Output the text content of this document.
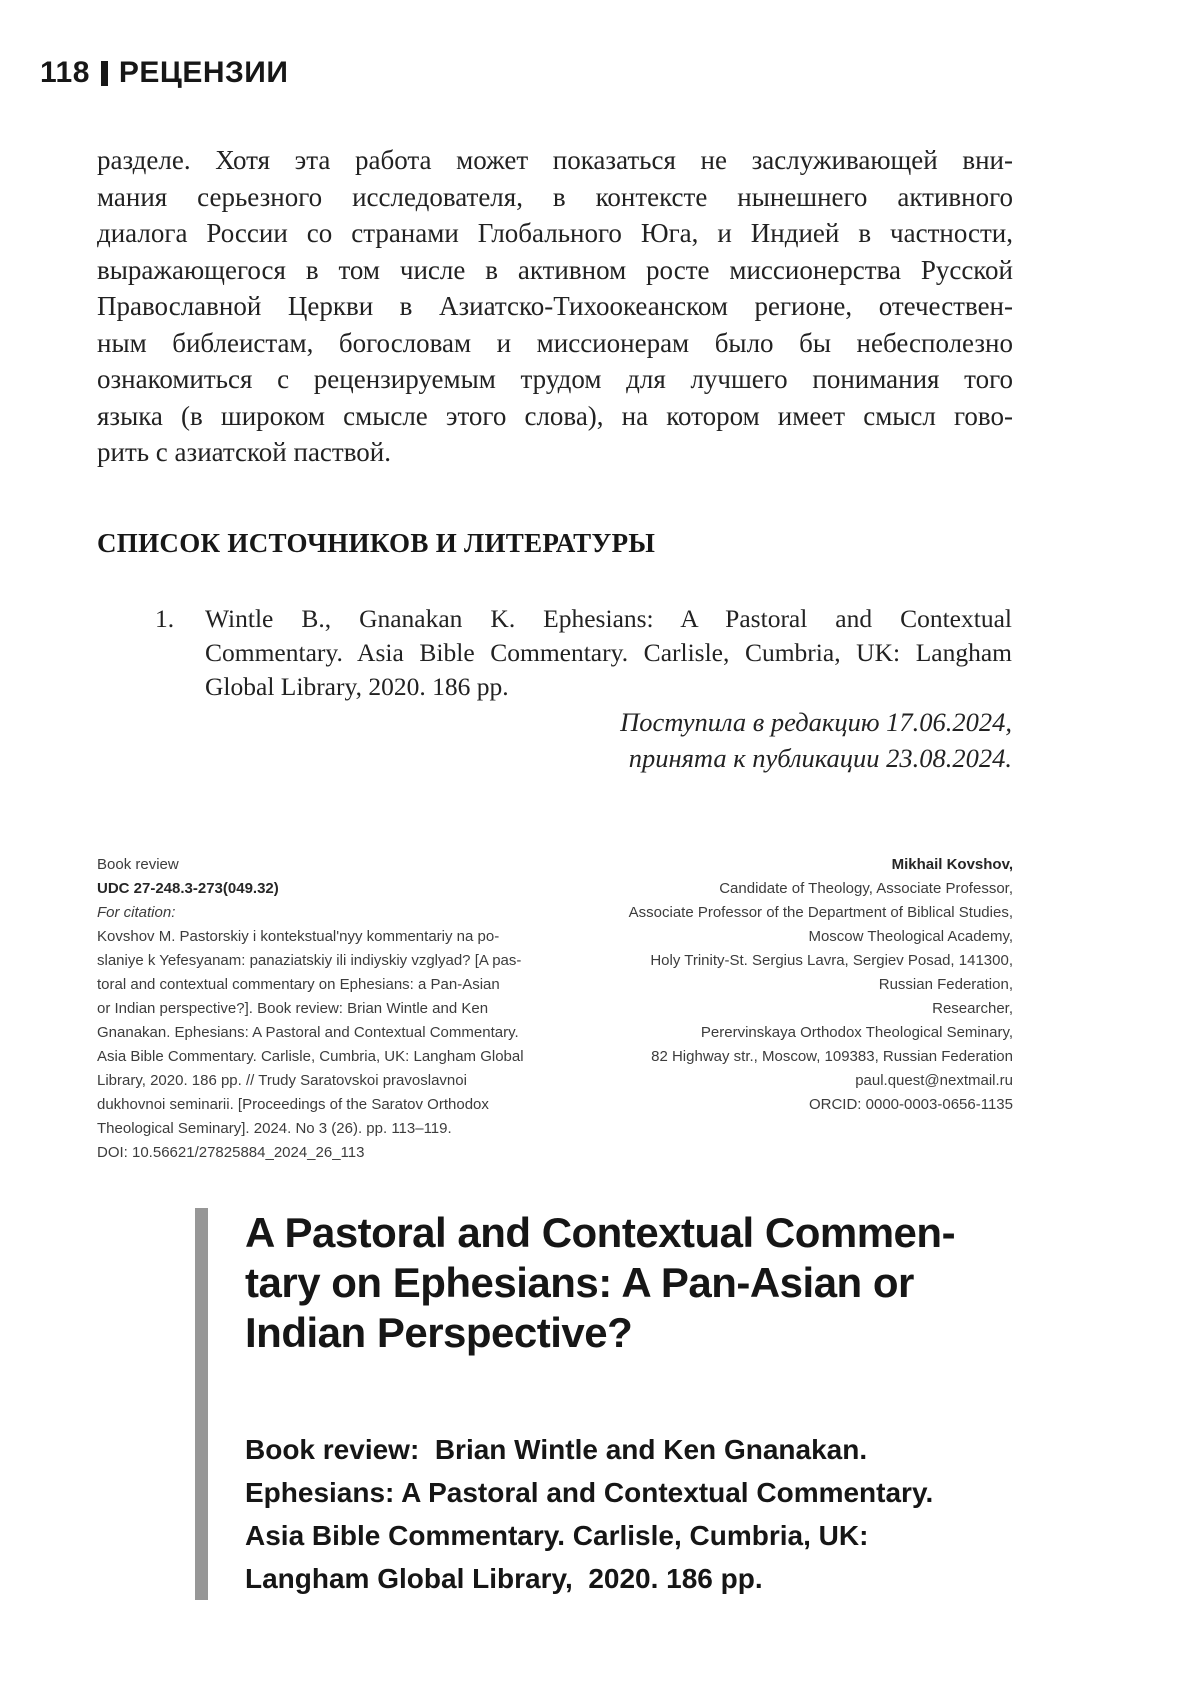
118 РЕЦЕНЗИИ
разделе. Хотя эта работа может показаться не заслуживающей вни-
мания серьезного исследователя, в контексте нынешнего активного
диалога России со странами Глобального Юга, и Индией в частности,
выражающегося в том числе в активном росте миссионерства Русской
Православной Церкви в Азиатско-Тихоокеанском регионе, отечествен-
ным библеистам, богословам и миссионерам было бы небесполезно
ознакомиться с рецензируемым трудом для лучшего понимания того
языка (в широком смысле этого слова), на котором имеет смысл гово-
рить с азиатской паствой.
СПИСОК ИСТОЧНИКОВ И ЛИТЕРАТУРЫ
1.	Wintle B., Gnanakan K. Ephesians: A Pastoral and Contextual
Commentary. Asia Bible Commentary. Carlisle, Cumbria, UK: Langham
Global Library, 2020. 186 pp.
Поступила в редакцию 17.06.2024,
принята к публикации 23.08.2024.
Book review
UDC 27-248.3-273(049.32)
For citation:
Kovshov M. Pastorskiy i kontekstual'nyy kommentariy na po-
slaniye k Yefesyanam: panaziatskiy ili indiyskiy vzglyad? [A pas-
toral and contextual commentary on Ephesians: a Pan-Asian
or Indian perspective?]. Book review: Brian Wintle and Ken
Gnanakan. Ephesians: A Pastoral and Contextual Commentary.
Asia Bible Commentary. Carlisle, Cumbria, UK: Langham Global
Library, 2020. 186 pp. // Trudy Saratovskoi pravoslavnoi
dukhovnoi seminarii. [Proceedings of the Saratov Orthodox
Theological Seminary]. 2024. No 3 (26). pp. 113–119.
DOI: 10.56621/27825884_2024_26_113
Mikhail Kovshov,
Candidate of Theology, Associate Professor,
Associate Professor of the Department of Biblical Studies,
Moscow Theological Academy,
Holy Trinity-St. Sergius Lavra, Sergiev Posad, 141300,
Russian Federation,
Researcher,
Perervinskaya Orthodox Theological Seminary,
82 Highway str., Moscow, 109383, Russian Federation
paul.quest@nextmail.ru
ORCID: 0000-0003-0656-1135
A Pastoral and Contextual Commen-
tary on Ephesians: A Pan-Asian or
Indian Perspective?
Book review:  Brian Wintle and Ken Gnanakan.
Ephesians: A Pastoral and Contextual Commentary.
Asia Bible Commentary. Carlisle, Cumbria, UK:
Langham Global Library,  2020. 186 pp.
